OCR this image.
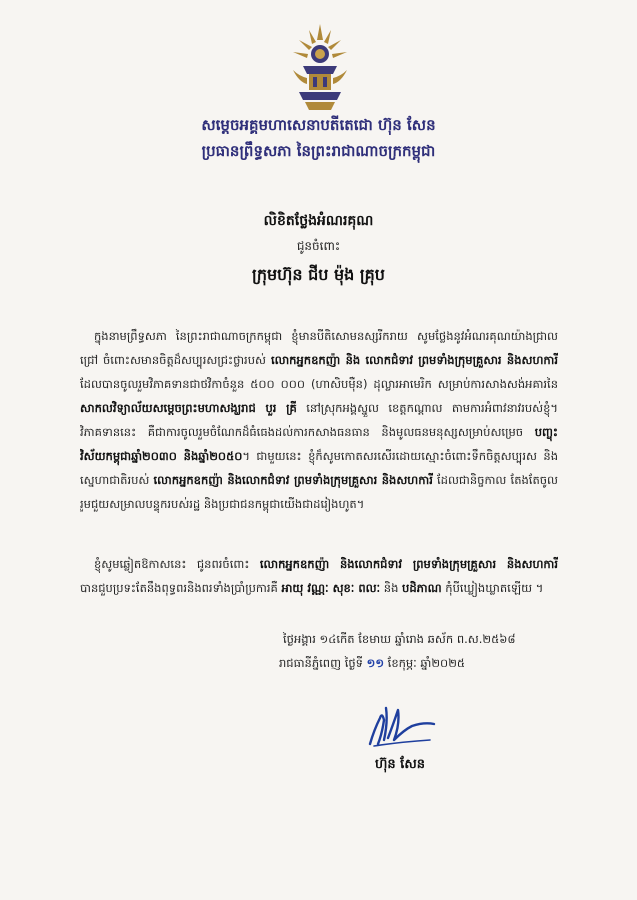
សម្តេចអគ្គមហាសេនាបតីតេជោ ហ៊ុន សែន
ប្រធានព្រឹទ្ធសភា នៃព្រះរាជាណាចក្រកម្ពុជា
លិខិតថ្លែងអំណរគុណ
ជូនចំពោះ
ក្រុមហ៊ុន ជីប ម៉ុង គ្រុប
ក្នុងនាមព្រឹទ្ធសភា នៃព្រះរាជាណាចក្រកម្ពុជា ខ្ញុំមានបីតិសោមនស្សរីករាយ សូមថ្លែងនូវអំណរគុណយ៉ាងជ្រាលជ្រៅ ចំពោះសមានចិត្តដ៏សប្បុរសជ្រះថ្លារបស់ លោកអ្នកឧកញ៉ា និង លោកជំទាវ ព្រមទាំងក្រុមគ្រួសារ និងសហការី ដែលបានចូលរួមវិភាគទានជាថវិកាចំនួន ៥០០ ០០០ (ហាសិបម៉ឺន) ដុល្លារអាមេរិក សម្រាប់ការសាងសង់អគារនៃសាកលវិទ្យាល័យសម្តេចព្រះមហាសង្ឃរាជ បួរ គ្រី នៅស្រុកអង្គស្នួល ខេត្តកណ្តាល តាមការអំពាវនាវរបស់ខ្ញុំ។ វិភាគទាននេះ គឺជាការចូលរួមចំណែកដ៏ធំធេងដល់ការកសាងធនធាន និងមូលធនមនុស្សសម្រាប់សម្រេច បញ្ចុះវិស័យកម្ពុជាឆ្នាំ២០៣០ និងឆ្នាំ២០៥០។ ជាមួយនេះ ខ្ញុំក៏សូមកោតសរសើរដោយស្មោះចំពោះទឹកចិត្តសប្បុរស និងស្នេហាជាតិរបស់ លោកអ្នកឧកញ៉ា និងលោកជំទាវ ព្រមទាំងក្រុមគ្រួសារ និងសហការី ដែលជានិច្ចកាល តែងតែចូលរួមជួយសម្រាលបន្ទុករបស់រដ្ឋ និងប្រជាជនកម្ពុជាយើងជាដរៀងហូត។
ខ្ញុំសូមឆ្លៀតឱកាសនេះ ជូនពរចំពោះ លោកអ្នកឧកញ៉ា និងលោកជំទាវ ព្រមទាំងក្រុមគ្រួសារ និងសហការី បានជួបប្រទះតែនឹងពុទ្ធពរនិងពរទាំងប្រាំប្រការគឺ អាយុ វណ្ណៈ សុខៈ ពលៈ និង បដិភាណ កុំបីឃ្លៀងឃ្លាតឡើយ ។
ថ្ងៃអង្គារ ១៤កើត ខែមាឃ ឆ្នាំរោង ឆស័ក ព.ស.២៥៦៨
រាជធានីភ្នំពេញ ថ្ងៃទី ១១ ខែកុម្ភៈ ឆ្នាំ២០២៥
ហ៊ុន សែន
